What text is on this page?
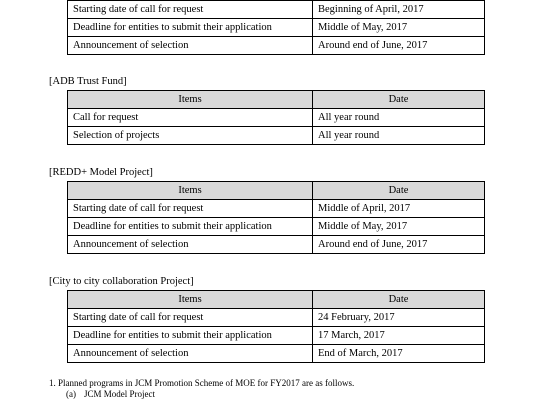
Starting date of call for request	Beginning of April, 2017
Deadline for entities to submit their application	Middle of May, 2017
Announcement of selection	Around end of June, 2017
[ADB Trust Fund]
Items	Date
Call for request	All year round
Selection of projects	All year round
[REDD+ Model Project]
Items	Date
Starting date of call for request	Middle of April, 2017
Deadline for entities to submit their application	Middle of May, 2017
Announcement of selection	Around end of June, 2017
[City to city collaboration Project]
Items	Date
Starting date of call for request	24 February, 2017
Deadline for entities to submit their application	17 March, 2017
Announcement of selection	End of March, 2017
1. Planned programs in JCM Promotion Scheme of MOE for FY2017 are as follows.
(a) JCM Model Project
